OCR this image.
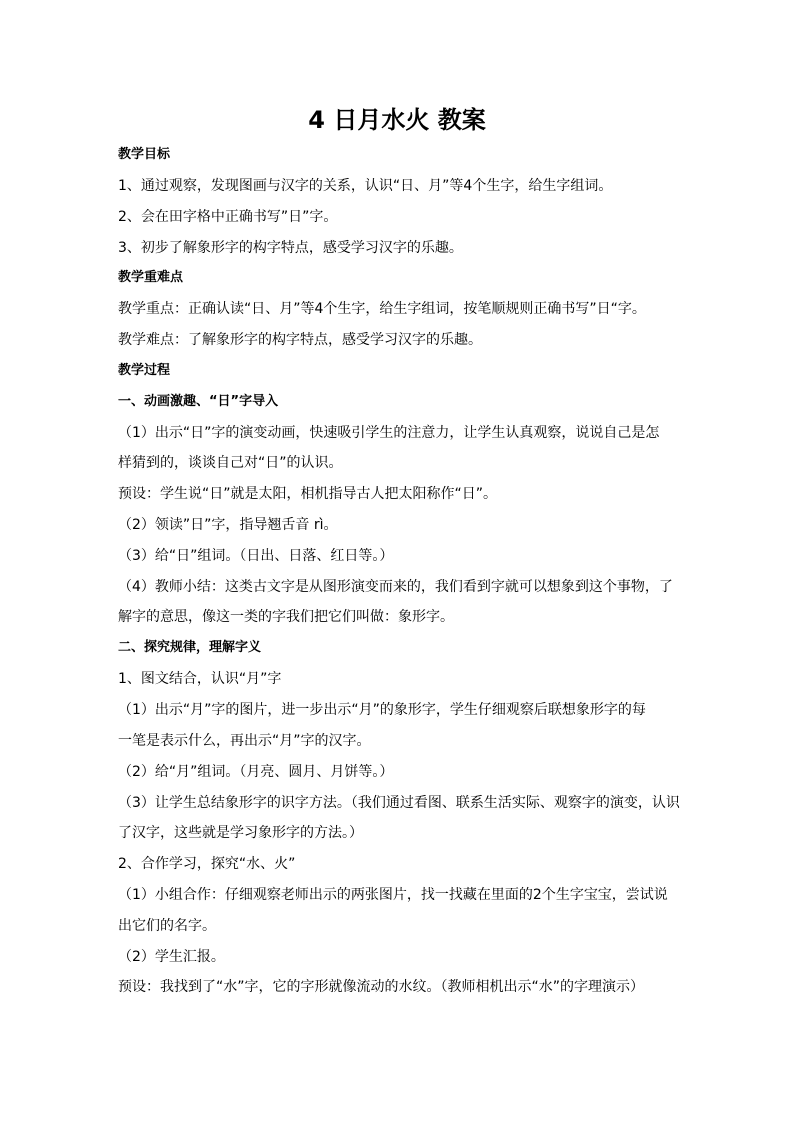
4 日月水火 教案
教学目标
1、通过观察，发现图画与汉字的关系，认识“日、月”等4个生字，给生字组词。
2、会在田字格中正确书写”日”字。
3、初步了解象形字的构字特点，感受学习汉字的乐趣。
教学重难点
教学重点：正确认读“日、月”等4个生字，给生字组词，按笔顺规则正确书写”日“字。
教学难点：了解象形字的构字特点，感受学习汉字的乐趣。
教学过程
一、动画激趣、“日”字导入
（1）出示“日”字的演变动画，快速吸引学生的注意力，让学生认真观察，说说自己是怎
样猜到的，谈谈自己对“日”的认识。
预设：学生说“日”就是太阳，相机指导古人把太阳称作“日”。
（2）领读”日”字，指导翘舌音 rì。
（3）给“日”组词。（日出、日落、红日等。）
（4）教师小结：这类古文字是从图形演变而来的，我们看到字就可以想象到这个事物，了
解字的意思，像这一类的字我们把它们叫做：象形字。
二、探究规律，理解字义
1、图文结合，认识“月”字
（1）出示“月”字的图片，进一步出示“月”的象形字，学生仔细观察后联想象形字的每
一笔是表示什么，再出示“月”字的汉字。
（2）给“月”组词。（月亮、圆月、月饼等。）
（3）让学生总结象形字的识字方法。（我们通过看图、联系生活实际、观察字的演变，认识
了汉字，这些就是学习象形字的方法。）
2、合作学习，探究“水、火”
（1）小组合作：仔细观察老师出示的两张图片，找一找藏在里面的2个生字宝宝，尝试说
出它们的名字。
（2）学生汇报。
预设：我找到了“水”字，它的字形就像流动的水纹。（教师相机出示“水”的字理演示）
